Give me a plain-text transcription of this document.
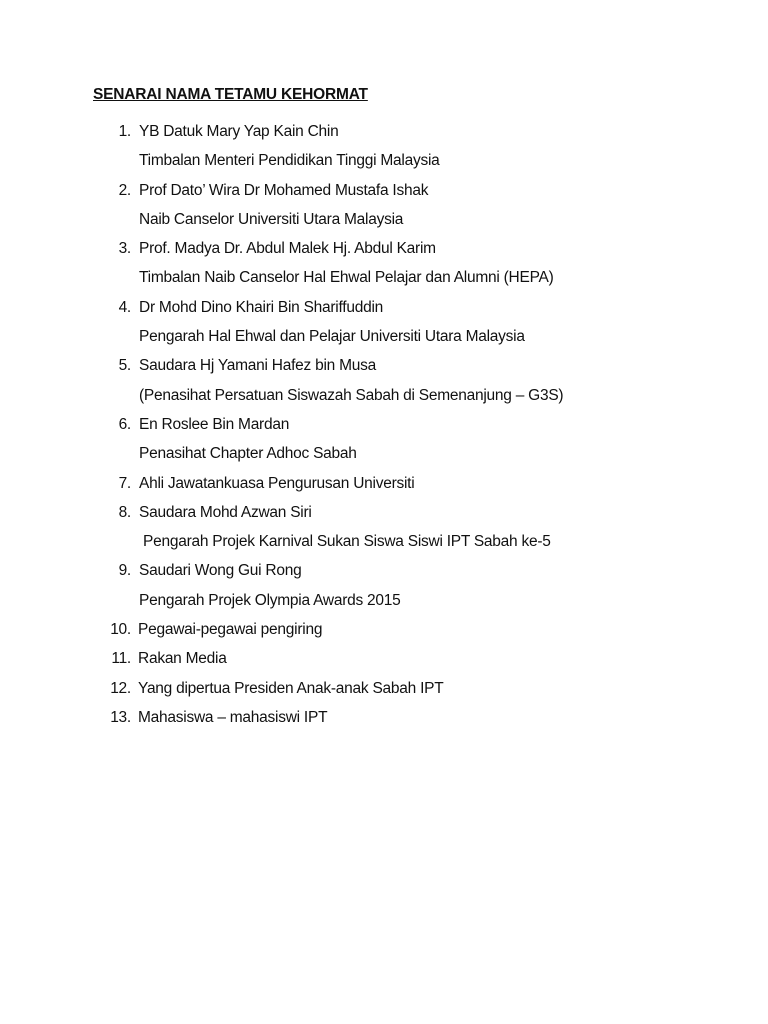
SENARAI NAMA TETAMU KEHORMAT
1. YB Datuk Mary Yap Kain Chin
Timbalan Menteri Pendidikan Tinggi Malaysia
2. Prof Dato’ Wira Dr Mohamed Mustafa Ishak
Naib Canselor Universiti Utara Malaysia
3. Prof. Madya Dr. Abdul Malek Hj. Abdul Karim
Timbalan Naib Canselor Hal Ehwal Pelajar dan Alumni (HEPA)
4. Dr Mohd Dino Khairi Bin Shariffuddin
Pengarah Hal Ehwal dan Pelajar Universiti Utara Malaysia
5. Saudara Hj Yamani Hafez bin Musa
(Penasihat Persatuan Siswazah Sabah di Semenanjung – G3S)
6. En Roslee Bin Mardan
Penasihat Chapter Adhoc Sabah
7. Ahli Jawatankuasa Pengurusan Universiti
8. Saudara Mohd Azwan Siri
Pengarah Projek Karnival Sukan Siswa Siswi IPT Sabah ke-5
9. Saudari Wong Gui Rong
Pengarah Projek Olympia Awards 2015
10. Pegawai-pegawai pengiring
11. Rakan Media
12. Yang dipertua Presiden Anak-anak Sabah IPT
13. Mahasiswa – mahasiswi IPT
